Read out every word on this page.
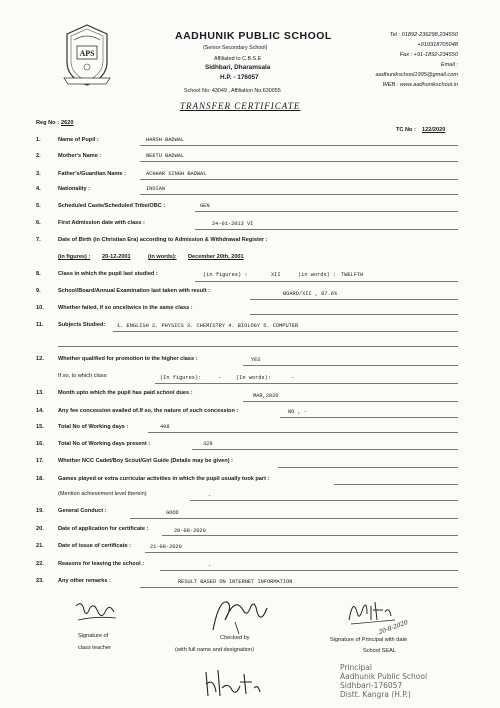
APS
AADHUNIK PUBLIC SCHOOL
(Senior Secondary School)
Affiliated to C.B.S.E
Sidhbari, Dharamsala
H.P. - 176057
School No: 43049 , Affiliation No:630055
Tel : 01892-236298,234550
+919318705048
Fax : +91-1892-234550
Email :
aadhunikschool1995@gmail.com
WEB : www.aadhunikschool.in
TRANSFER CERTIFICATE
Reg No : 2620
TC No : 122/2020
1.	Name of Pupil :	HARSH BADWAL
2.	Mother's Name :	NEETU BADWAL
3.	Father's/Guardian Name :	ACHHAR SINGH BADWAL
4.	Nationality :	INDIAN
5.	Scheduled Caste/Scheduled Tribe/OBC :	GEN
6.	First Admission date with class :	24-01-2013 VI
7.	Date of Birth (in Christian Era) according to Admission & Withdrawal Register :
(in figures) : 20-12-2001	(in words): December 20th, 2001
8.	Class in which the pupil last studied :	(in figures) :	XII	(in words) : TWELFTH
9.	School/Board/Annual Examination last taken with result :	BOARD/XII , 87.6%
10.	Whether failed, if so once/twice in the same class :
11.	Subjects Studied: 1. ENGLISH 2. PHYSICS 3. CHEMISTRY 4. BIOLOGY 5. COMPUTER
12.	Whether qualified for promotion to the higher class :	YES
If so, to which class	(In figures):	-	(In words):	-
13.	Month upto which the pupil has paid school dues :	MAR,2020
14.	Any fee concession availed of.If so, the nature of such concession :	NO , -
15.	Total No of Working days :	408
16.	Total No of Working days present :	328
17.	Whether NCC Cadet/Boy Scout/Girl Guide (Details may be given) :
18.	Games played or extra curricular activities in which the pupil usually took part :
(Mention achievement level therein)	-
19.	General Conduct :	GOOD
20.	Date of application for certificate :	20-08-2020
21.	Date of issue of certificate :	21-08-2020
22.	Reasons for leaving the school :	-
23.	Any other remarks :	RESULT BASED ON INTERNET INFORMATION
Signature of
class teacher
Checked by
(with full name and designation)
20-8-2020
Signature of Principal with date
School SEAL
Principal
Aadhunik Public School
Sidhbari-176057
Distt. Kangra (H.P.)
